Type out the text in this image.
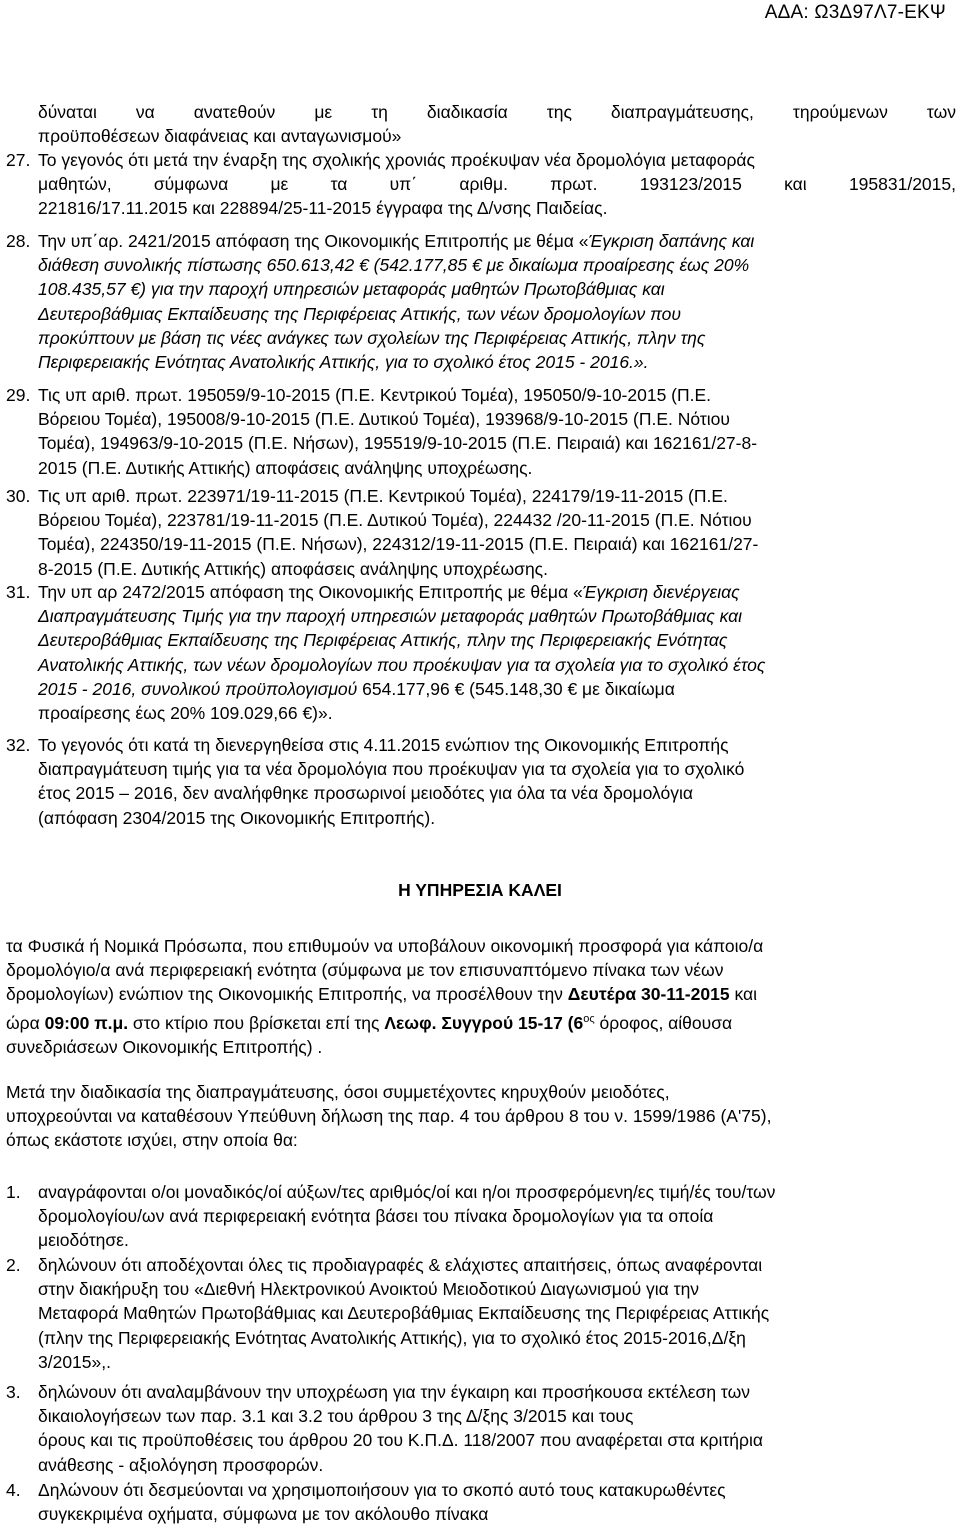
ΑΔΑ: Ω3Δ97Λ7-ΕΚΨ
δύναται να ανατεθούν με τη διαδικασία της διαπραγμάτευσης, τηρούμενων των
προϋποθέσεων διαφάνειας και ανταγωνισμού»
27. Το γεγονός ότι μετά την έναρξη της σχολικής χρονιάς προέκυψαν νέα δρομολόγια μεταφοράς
μαθητών, σύμφωνα με τα υπ΄ αριθμ. πρωτ. 193123/2015 και 195831/2015,
221816/17.11.2015 και 228894/25-11-2015 έγγραφα της Δ/νσης Παιδείας.
28. Την υπ΄αρ. 2421/2015 απόφαση της Οικονομικής Επιτροπής με θέμα «Έγκριση δαπάνης και
διάθεση συνολικής πίστωσης 650.613,42 € (542.177,85 € με δικαίωμα προαίρεσης έως 20%
108.435,57 €) για την παροχή υπηρεσιών μεταφοράς μαθητών Πρωτοβάθμιας και
Δευτεροβάθμιας Εκπαίδευσης της Περιφέρειας Αττικής, των νέων δρομολογίων που
προκύπτουν με βάση τις νέες ανάγκες των σχολείων της Περιφέρειας Αττικής, πλην της
Περιφερειακής Ενότητας Ανατολικής Αττικής, για το σχολικό έτος 2015 - 2016.».
29. Τις υπ αριθ. πρωτ. 195059/9-10-2015 (Π.Ε. Κεντρικού Τομέα), 195050/9-10-2015 (Π.Ε.
Βόρειου Τομέα), 195008/9-10-2015 (Π.Ε. Δυτικού Τομέα), 193968/9-10-2015 (Π.Ε. Νότιου
Τομέα), 194963/9-10-2015 (Π.Ε. Νήσων), 195519/9-10-2015 (Π.Ε. Πειραιά) και 162161/27-8-
2015 (Π.Ε. Δυτικής Αττικής) αποφάσεις ανάληψης υποχρέωσης.
30. Τις υπ αριθ. πρωτ. 223971/19-11-2015 (Π.Ε. Κεντρικού Τομέα), 224179/19-11-2015 (Π.Ε.
Βόρειου Τομέα), 223781/19-11-2015 (Π.Ε. Δυτικού Τομέα), 224432 /20-11-2015 (Π.Ε. Νότιου
Τομέα), 224350/19-11-2015 (Π.Ε. Νήσων), 224312/19-11-2015 (Π.Ε. Πειραιά) και 162161/27-
8-2015 (Π.Ε. Δυτικής Αττικής) αποφάσεις ανάληψης υποχρέωσης.
31. Την υπ αρ 2472/2015 απόφαση της Οικονομικής Επιτροπής με θέμα «Έγκριση διενέργειας
Διαπραγμάτευσης Τιμής για την παροχή υπηρεσιών μεταφοράς μαθητών Πρωτοβάθμιας και
Δευτεροβάθμιας Εκπαίδευσης της Περιφέρειας Αττικής, πλην της Περιφερειακής Ενότητας
Ανατολικής Αττικής, των νέων δρομολογίων που προέκυψαν για τα σχολεία για το σχολικό έτος
2015 - 2016, συνολικού προϋπολογισμού 654.177,96 € (545.148,30 € με δικαίωμα
προαίρεσης έως 20% 109.029,66 €)».
32. Το γεγονός ότι κατά τη διενεργηθείσα στις 4.11.2015 ενώπιον της Οικονομικής Επιτροπής
διαπραγμάτευση τιμής για τα νέα δρομολόγια που προέκυψαν για τα σχολεία για το σχολικό
έτος 2015 – 2016, δεν αναλήφθηκε προσωρινοί μειοδότες για όλα τα νέα δρομολόγια
(απόφαση 2304/2015 της Οικονομικής Επιτροπής).
Η ΥΠΗΡΕΣΙΑ ΚΑΛΕΙ
τα Φυσικά ή Νομικά Πρόσωπα, που επιθυμούν να υποβάλουν οικονομική προσφορά για κάποιο/α
δρομολόγιο/α ανά περιφερειακή ενότητα (σύμφωνα με τον επισυναπτόμενο πίνακα των νέων
δρομολογίων) ενώπιον της Οικονομικής Επιτροπής, να προσέλθουν την Δευτέρα 30-11-2015 και
ώρα 09:00 π.μ. στο κτίριο που βρίσκεται επί της Λεωφ. Συγγρού 15-17 ($6^{o\varsigma}$ όροφος, αίθουσα
συνεδριάσεων Οικονομικής Επιτροπής) .
Μετά την διαδικασία της διαπραγμάτευσης, όσοι συμμετέχοντες κηρυχθούν μειοδότες,
υποχρεούνται να καταθέσουν Υπεύθυνη δήλωση της παρ. 4 του άρθρου 8 του ν. 1599/1986 (Α'75),
όπως εκάστοτε ισχύει, στην οποία θα:
1. αναγράφονται ο/οι μοναδικός/οί αύξων/τες αριθμός/οί και η/οι προσφερόμενη/ες τιμή/ές του/των
δρομολογίου/ων ανά περιφερειακή ενότητα βάσει του πίνακα δρομολογίων για τα οποία
μειοδότησε.
2. δηλώνουν ότι αποδέχονται όλες τις προδιαγραφές & ελάχιστες απαιτήσεις, όπως αναφέρονται
στην διακήρυξη του «Διεθνή Ηλεκτρονικού Ανοικτού Μειοδοτικού Διαγωνισμού για την
Μεταφορά Μαθητών Πρωτοβάθμιας και Δευτεροβάθμιας Εκπαίδευσης της Περιφέρειας Αττικής
(πλην της Περιφερειακής Ενότητας Ανατολικής Αττικής), για το σχολικό έτος 2015-2016,Δ/ξη
3/2015»,.
3. δηλώνουν ότι αναλαμβάνουν την υποχρέωση για την έγκαιρη και προσήκουσα εκτέλεση των
δικαιολογήσεων των παρ. 3.1 και 3.2 του άρθρου 3 της Δ/ξης 3/2015 και τους
όρους και τις προϋποθέσεις του άρθρου 20 του Κ.Π.Δ. 118/2007 που αναφέρεται στα κριτήρια
ανάθεσης - αξιολόγηση προσφορών.
4. Δηλώνουν ότι δεσμεύονται να χρησιμοποιήσουν για το σκοπό αυτό τους κατακυρωθέντες
συγκεκριμένα οχήματα, σύμφωνα με τον ακόλουθο πίνακα
